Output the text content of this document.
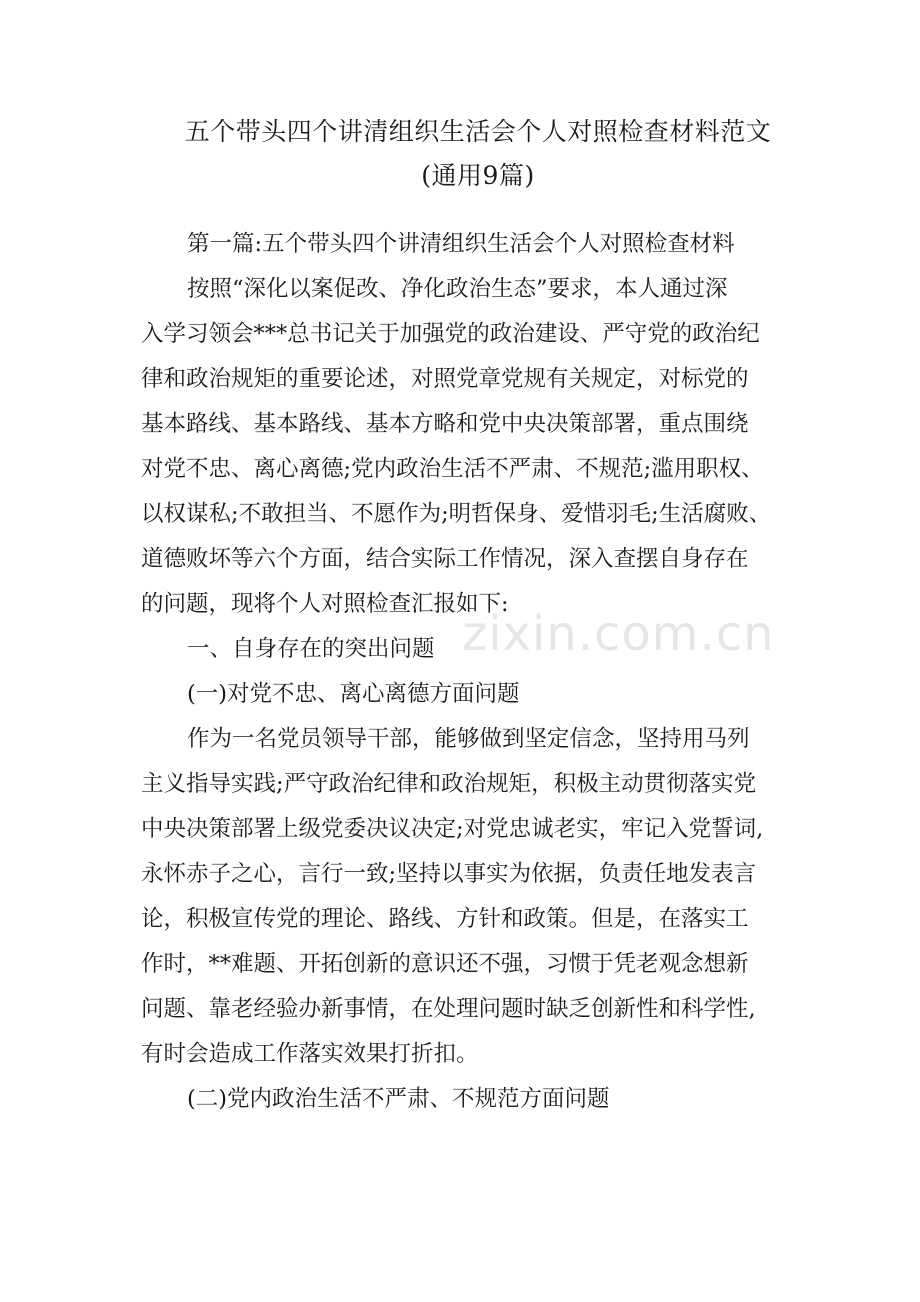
zixin.com.cn
五个带头四个讲清组织生活会个人对照检查材料范文
(通用9篇)
第一篇:五个带头四个讲清组织生活会个人对照检查材料
按照“深化以案促改、净化政治生态”要求，本人通过深
入学习领会***总书记关于加强党的政治建设、严守党的政治纪
律和政治规矩的重要论述，对照党章党规有关规定，对标党的
基本路线、基本路线、基本方略和党中央决策部署，重点围绕
对党不忠、离心离德;党内政治生活不严肃、不规范;滥用职权、
以权谋私;不敢担当、不愿作为;明哲保身、爱惜羽毛;生活腐败、
道德败坏等六个方面，结合实际工作情况，深入查摆自身存在
的问题，现将个人对照检查汇报如下:
一、自身存在的突出问题
(一)对党不忠、离心离德方面问题
作为一名党员领导干部，能够做到坚定信念，坚持用马列
主义指导实践;严守政治纪律和政治规矩，积极主动贯彻落实党
中央决策部署上级党委决议决定;对党忠诚老实，牢记入党誓词,
永怀赤子之心，言行一致;坚持以事实为依据，负责任地发表言
论，积极宣传党的理论、路线、方针和政策。但是，在落实工
作时，**难题、开拓创新的意识还不强，习惯于凭老观念想新
问题、靠老经验办新事情，在处理问题时缺乏创新性和科学性,
有时会造成工作落实效果打折扣。
(二)党内政治生活不严肃、不规范方面问题
